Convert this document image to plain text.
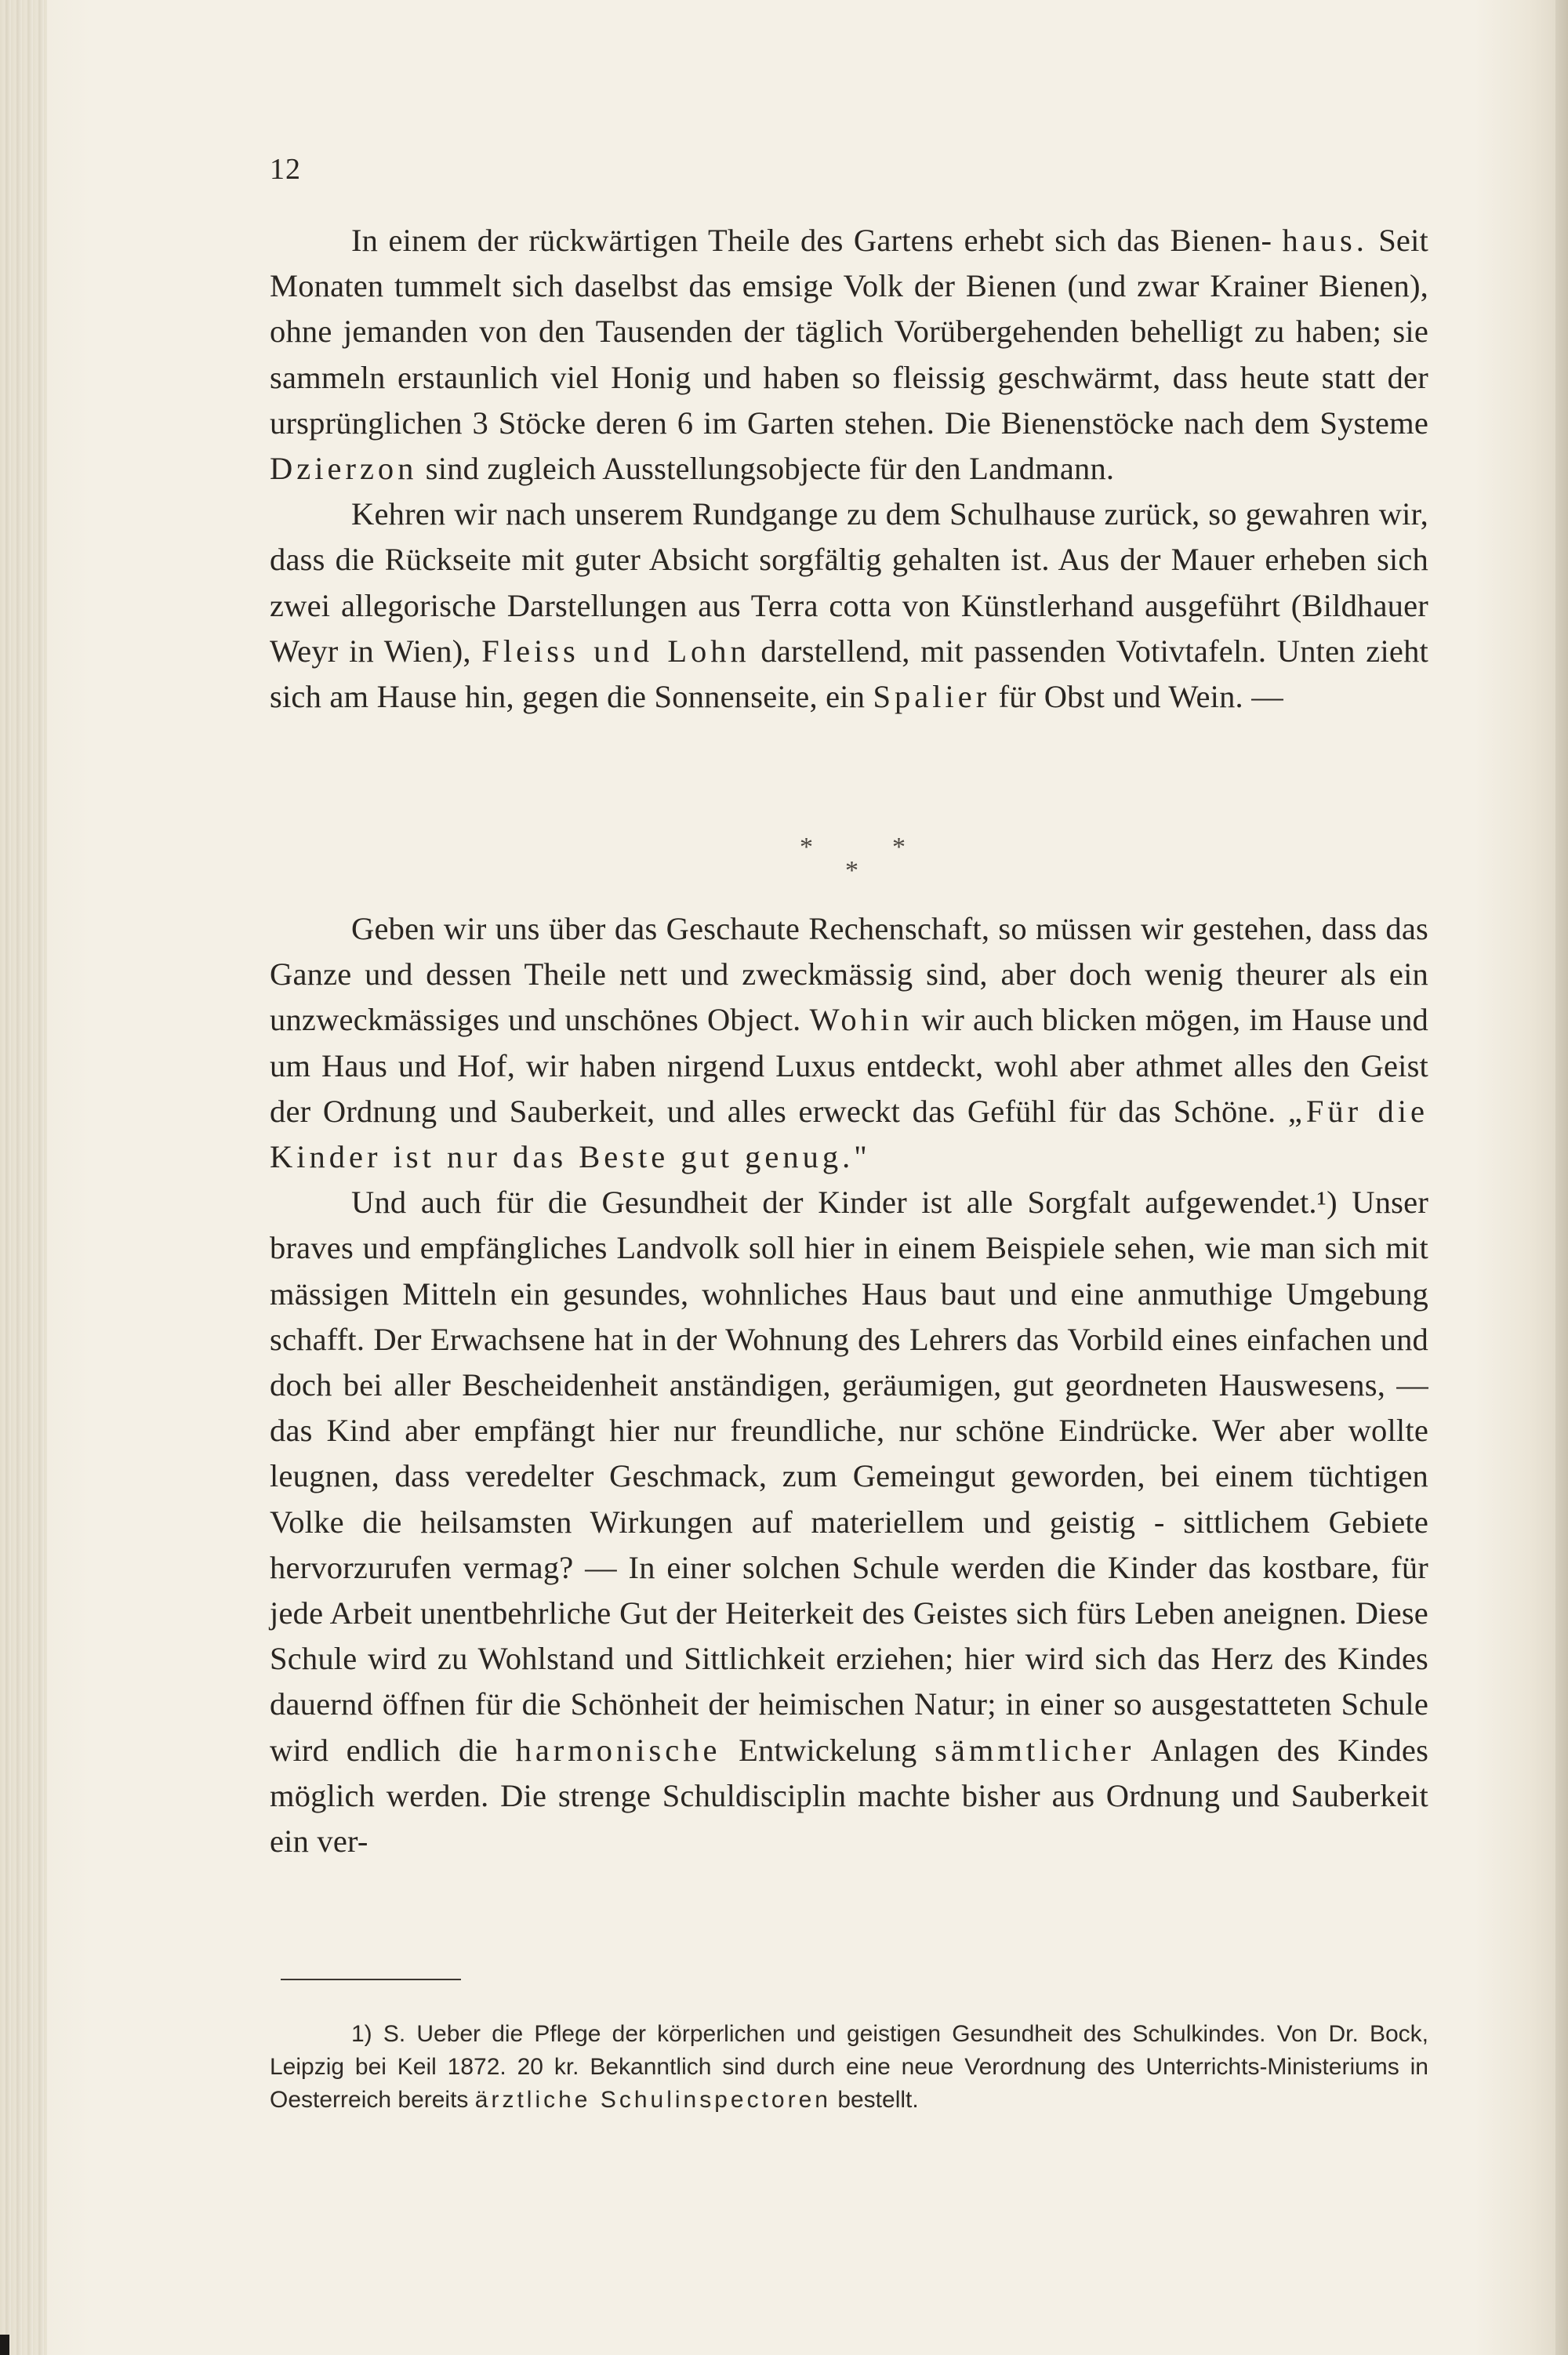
12

In einem der rückwärtigen Theile des Gartens erhebt sich das Bienen- haus. Seit Monaten tummelt sich daselbst das emsige Volk der Bienen (und zwar Krainer Bienen), ohne jemanden von den Tausenden der täglich Vorübergehenden behelligt zu haben; sie sammeln erstaunlich viel Honig und haben so fleissig geschwärmt, dass heute statt der ursprünglichen 3 Stöcke deren 6 im Garten stehen. Die Bienenstöcke nach dem Systeme Dzierzon sind zugleich Ausstellungsobjecte für den Landmann.

Kehren wir nach unserem Rundgange zu dem Schulhause zurück, so gewahren wir, dass die Rückseite mit guter Absicht sorgfältig gehalten ist. Aus der Mauer erheben sich zwei allegorische Darstellungen aus Terra cotta von Künstlerhand ausgeführt (Bildhauer Weyr in Wien), Fleiss und Lohn darstellend, mit passenden Votivtafeln. Unten zieht sich am Hause hin, gegen die Sonnenseite, ein Spalier für Obst und Wein. —

*	*
*

Geben wir uns über das Geschaute Rechenschaft, so müssen wir gestehen, dass das Ganze und dessen Theile nett und zweckmässig sind, aber doch wenig theurer als ein unzweckmässiges und unschönes Object. Wohin wir auch blicken mögen, im Hause und um Haus und Hof, wir haben nirgend Luxus entdeckt, wohl aber athmet alles den Geist der Ordnung und Sauberkeit, und alles erweckt das Gefühl für das Schöne. „Für die Kinder ist nur das Beste gut genug."

Und auch für die Gesundheit der Kinder ist alle Sorgfalt aufgewendet.¹) Unser braves und empfängliches Landvolk soll hier in einem Beispiele sehen, wie man sich mit mässigen Mitteln ein gesundes, wohnliches Haus baut und eine anmuthige Umgebung schafft. Der Erwachsene hat in der Wohnung des Lehrers das Vorbild eines einfachen und doch bei aller Bescheidenheit anständigen, geräumigen, gut geordneten Hauswesens, — das Kind aber empfängt hier nur freundliche, nur schöne Eindrücke. Wer aber wollte leugnen, dass veredelter Geschmack, zum Gemeingut geworden, bei einem tüchtigen Volke die heilsamsten Wirkungen auf materiellem und geistig - sittlichem Gebiete hervorzurufen vermag? — In einer solchen Schule werden die Kinder das kostbare, für jede Arbeit unentbehrliche Gut der Heiterkeit des Geistes sich fürs Leben aneignen. Diese Schule wird zu Wohlstand und Sittlichkeit erziehen; hier wird sich das Herz des Kindes dauernd öffnen für die Schönheit der heimischen Natur; in einer so ausgestatteten Schule wird endlich die harmonische Entwickelung sämmtlicher Anlagen des Kindes möglich werden. Die strenge Schuldisciplin machte bisher aus Ordnung und Sauberkeit ein ver-

1) S. Ueber die Pflege der körperlichen und geistigen Gesundheit des Schulkindes. Von Dr. Bock, Leipzig bei Keil 1872. 20 kr. Bekanntlich sind durch eine neue Verordnung des Unterrichts-Ministeriums in Oesterreich bereits ärztliche Schulinspectoren bestellt.
